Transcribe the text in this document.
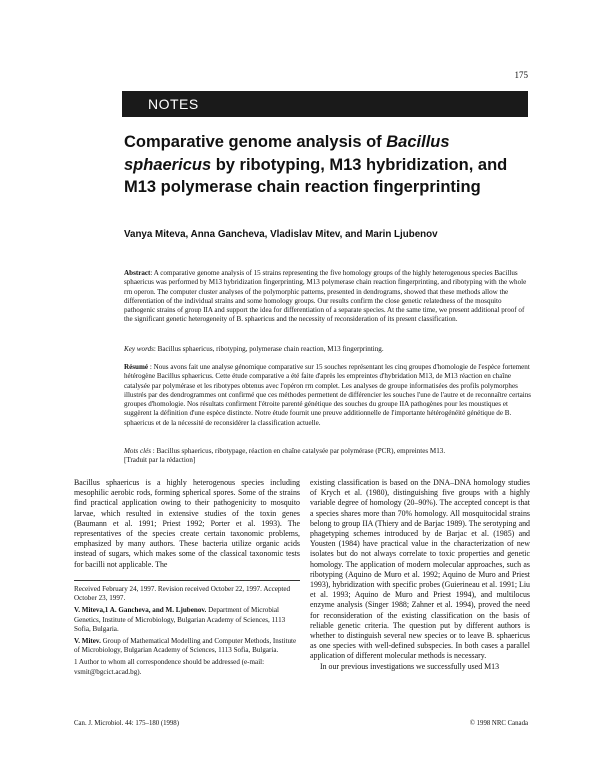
175
NOTES
Comparative genome analysis of Bacillus sphaericus by ribotyping, M13 hybridization, and M13 polymerase chain reaction fingerprinting
Vanya Miteva, Anna Gancheva, Vladislav Mitev, and Marin Ljubenov
Abstract: A comparative genome analysis of 15 strains representing the five homology groups of the highly heterogenous species Bacillus sphaericus was performed by M13 hybridization fingerprinting, M13 polymerase chain reaction fingerprinting, and ribotyping with the whole rrn operon. The computer cluster analyses of the polymorphic patterns, presented in dendrograms, showed that these methods allow the differentiation of the individual strains and some homology groups. Our results confirm the close genetic relatedness of the mosquito pathogenic strains of group IIA and support the idea for differentiation of a separate species. At the same time, we present additional proof of the significant genetic heterogeneity of B. sphaericus and the necessity of reconsideration of its present classification.
Key words: Bacillus sphaericus, ribotyping, polymerase chain reaction, M13 fingerprinting.
Résumé : Nous avons fait une analyse génomique comparative sur 15 souches représentant les cinq groupes d'homologie de l'espèce fortement hétérogène Bacillus sphaericus. Cette étude comparative a été faite d'après les empreintes d'hybridation M13, de M13 réaction en chaîne catalysée par polymérase et les ribotypes obtenus avec l'opéron rrn complet. Les analyses de groupe informatisées des profils polymorphes illustrés par des dendrogrammes ont confirmé que ces méthodes permettent de différencier les souches l'une de l'autre et de reconnaître certains groupes d'homologie. Nos résultats confirment l'étroite parenté génétique des souches du groupe IIA pathogènes pour les moustiques et suggèrent la définition d'une espèce distincte. Notre étude fournit une preuve additionnelle de l'importante hétérogénéité génétique de B. sphaericus et de la nécessité de reconsidérer la classification actuelle.
Mots clés : Bacillus sphaericus, ribotypage, réaction en chaîne catalysée par polymérase (PCR), empreintes M13.
[Traduit par la rédaction]

Bacillus sphaericus is a highly heterogenous species including mesophilic aerobic rods, forming spherical spores. Some of the strains find practical application owing to their pathogenicity to mosquito larvae, which resulted in extensive studies of the toxin genes (Baumann et al. 1991; Priest 1992; Porter et al. 1993). The representatives of the species create certain taxonomic problems, emphasized by many authors. These bacteria utilize organic acids instead of sugars, which makes some of the classical taxonomic tests for bacilli not applicable. The

Received February 24, 1997. Revision received October 22, 1997. Accepted October 23, 1997.

V. Miteva,1 A. Gancheva, and M. Ljubenov. Department of Microbial Genetics, Institute of Microbiology, Bulgarian Academy of Sciences, 1113 Sofia, Bulgaria.

V. Mitev. Group of Mathematical Modelling and Computer Methods, Institute of Microbiology, Bulgarian Academy of Sciences, 1113 Sofia, Bulgaria.

1 Author to whom all correspondence should be addressed (e-mail: vsmit@bgcict.acad.bg).

existing classification is based on the DNA–DNA homology studies of Krych et al. (1980), distinguishing five groups with a highly variable degree of homology (20–90%). The accepted concept is that a species shares more than 70% homology. All mosquitocidal strains belong to group IIA (Thiery and de Barjac 1989). The serotyping and phagetyping schemes introduced by de Barjac et al. (1985) and Yousten (1984) have practical value in the characterization of new isolates but do not always correlate to toxic properties and genetic homology. The application of modern molecular approaches, such as ribotyping (Aquino de Muro et al. 1992; Aquino de Muro and Priest 1993), hybridization with specific probes (Guierineau et al. 1991; Liu et al. 1993; Aquino de Muro and Priest 1994), and multilocus enzyme analysis (Singer 1988; Zahner et al. 1994), proved the need for reconsideration of the existing classification on the basis of reliable genetic criteria. The question put by different authors is whether to distinguish several new species or to leave B. sphaericus as one species with well-defined subspecies. In both cases a parallel application of different molecular methods is necessary.

In our previous investigations we successfully used M13

Can. J. Microbiol. 44: 175–180 (1998)	© 1998 NRC Canada
